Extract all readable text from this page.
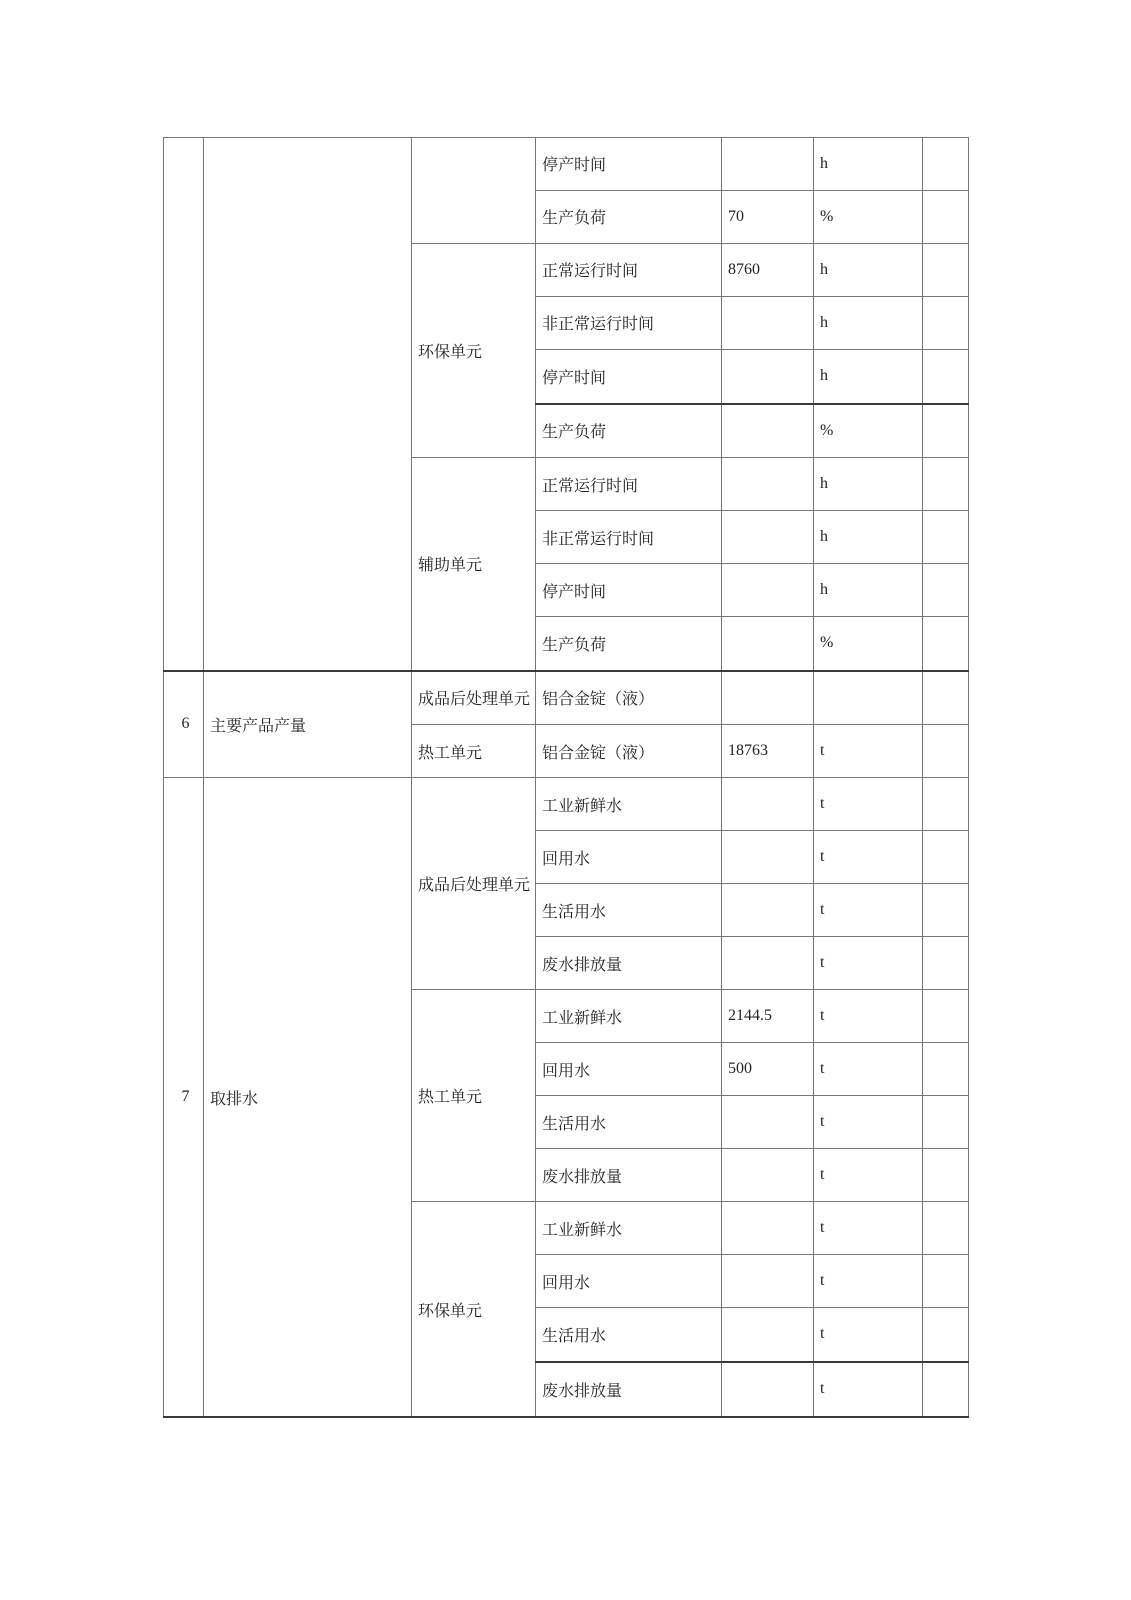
			停产时间		h	
			生产负荷	70	%	
		环保单元	正常运行时间	8760	h	
			非正常运行时间		h	
			停产时间		h	
			生产负荷		%	
		辅助单元	正常运行时间		h	
			非正常运行时间		h	
			停产时间		h	
			生产负荷		%	
6	主要产品产量	成品后处理单元	铝合金锭（液）			
		热工单元	铝合金锭（液）	18763	t	
7	取排水	成品后处理单元	工业新鲜水		t	
			回用水		t	
			生活用水		t	
			废水排放量		t	
		热工单元	工业新鲜水	2144.5	t	
			回用水	500	t	
			生活用水		t	
			废水排放量		t	
		环保单元	工业新鲜水		t	
			回用水		t	
			生活用水		t	
			废水排放量		t	
